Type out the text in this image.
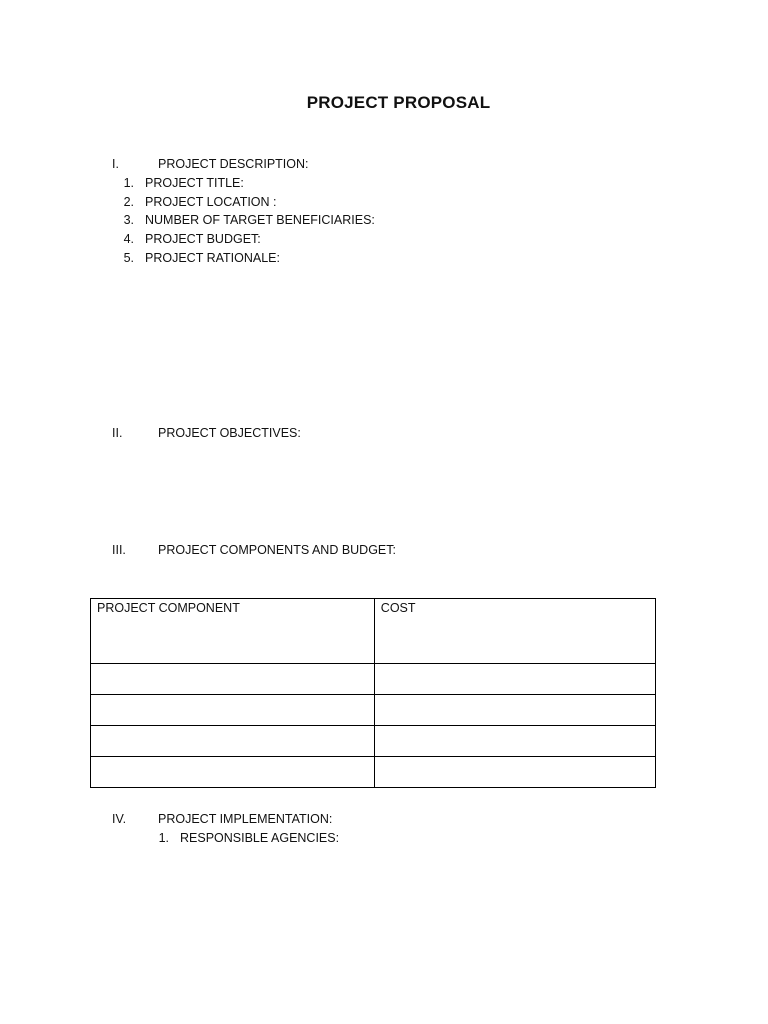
PROJECT PROPOSAL
I.	PROJECT DESCRIPTION:
1. PROJECT TITLE:
2. PROJECT LOCATION :
3. NUMBER OF TARGET BENEFICIARIES:
4. PROJECT BUDGET:
5. PROJECT RATIONALE:
II.	PROJECT OBJECTIVES:
III.	PROJECT COMPONENTS AND BUDGET:
PROJECT COMPONENT	COST

IV.	PROJECT IMPLEMENTATION:
1. RESPONSIBLE AGENCIES:
